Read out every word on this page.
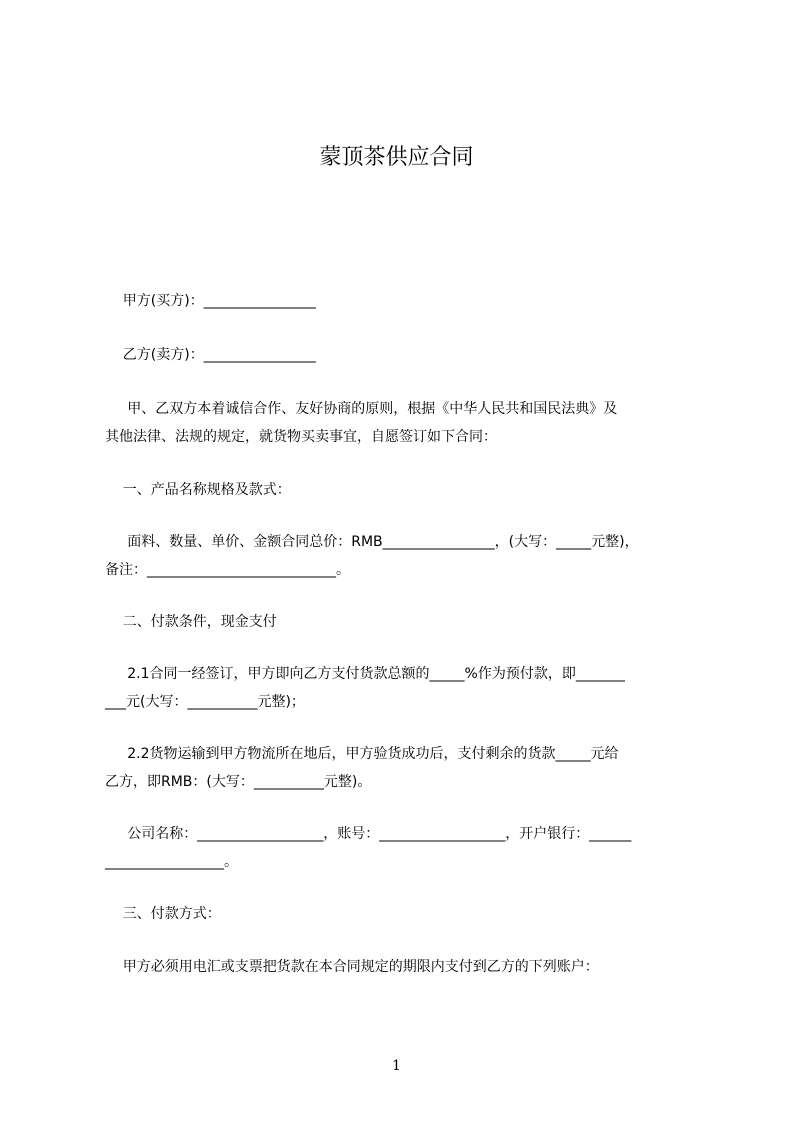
蒙顶茶供应合同
甲方(买方)：________________
乙方(卖方)：________________
甲、乙双方本着诚信合作、友好协商的原则，根据《中华人民共和国民法典》及
其他法律、法规的规定，就货物买卖事宜，自愿签订如下合同：
一、产品名称规格及款式：
面料、数量、单价、金额合同总价：RMB________________，(大写：_____元整)，
备注：___________________________。
二、付款条件，现金支付
2.1合同一经签订，甲方即向乙方支付货款总额的_____%作为预付款，即_______
___元(大写：__________元整)；
2.2货物运输到甲方物流所在地后，甲方验货成功后，支付剩余的货款_____元给
乙方，即RMB：(大写：__________元整)。
公司名称：__________________，账号：__________________，开户银行：______
_________________。
三、付款方式：
甲方必须用电汇或支票把货款在本合同规定的期限内支付到乙方的下列账户：
1
